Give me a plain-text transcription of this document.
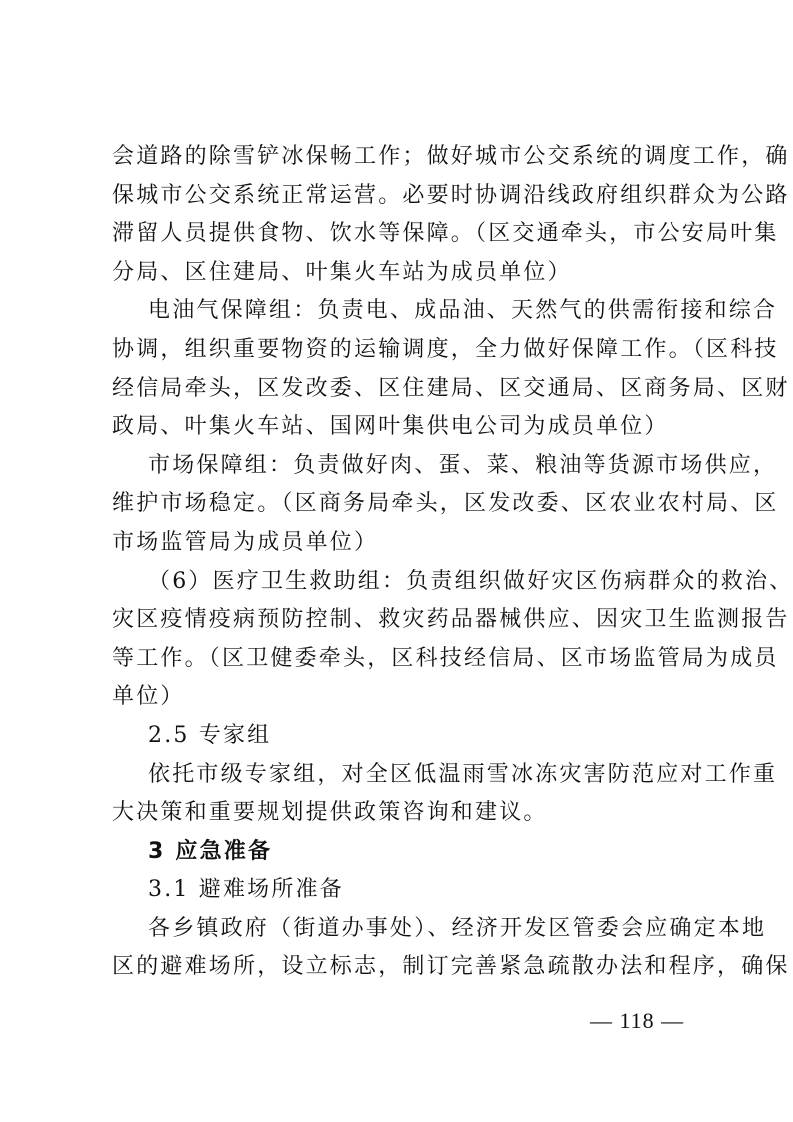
会道路的除雪铲冰保畅工作；做好城市公交系统的调度工作，确
保城市公交系统正常运营。必要时协调沿线政府组织群众为公路
滞留人员提供食物、饮水等保障。（区交通牵头，市公安局叶集
分局、区住建局、叶集火车站为成员单位）
电油气保障组：负责电、成品油、天然气的供需衔接和综合
协调，组织重要物资的运输调度，全力做好保障工作。（区科技
经信局牵头，区发改委、区住建局、区交通局、区商务局、区财
政局、叶集火车站、国网叶集供电公司为成员单位）
市场保障组：负责做好肉、蛋、菜、粮油等货源市场供应，
维护市场稳定。（区商务局牵头，区发改委、区农业农村局、区
市场监管局为成员单位）
（6）医疗卫生救助组：负责组织做好灾区伤病群众的救治、
灾区疫情疫病预防控制、救灾药品器械供应、因灾卫生监测报告
等工作。（区卫健委牵头，区科技经信局、区市场监管局为成员
单位）
2.5 专家组
依托市级专家组，对全区低温雨雪冰冻灾害防范应对工作重
大决策和重要规划提供政策咨询和建议。
3 应急准备
3.1 避难场所准备
各乡镇政府（街道办事处）、经济开发区管委会应确定本地
区的避难场所，设立标志，制订完善紧急疏散办法和程序，确保
— 118 —
